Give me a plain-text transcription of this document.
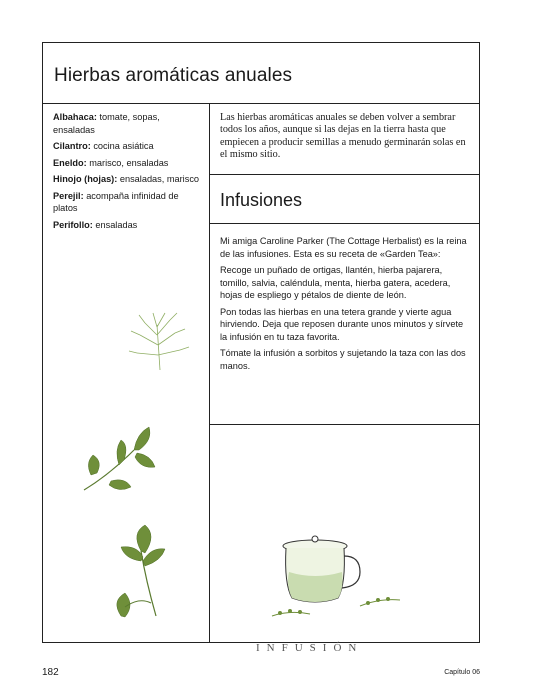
Hierbas aromáticas anuales

Albahaca: tomate, sopas, ensaladas

Cilantro: cocina asiática

Eneldo: marisco, ensaladas

Hinojo (hojas): ensaladas, marisco

Perejil: acompaña infinidad de platos

Perifollo: ensaladas

Las hierbas aromáticas anuales se deben volver a sembrar todos los años, aunque si las dejas en la tierra hasta que empiecen a producir semillas a menudo germinarán solas en el mismo sitio.
Infusiones

Mi amiga Caroline Parker (The Cottage Herbalist) es la reina de las infusiones. Esta es su receta de «Garden Tea»:

Recoge un puñado de ortigas, llantén, hierba pajarera, tomillo, salvia, caléndula, menta, hierba gatera, acedera, hojas de espliego y pétalos de diente de león.

Pon todas las hierbas en una tetera grande y vierte agua hirviendo. Deja que reposen durante unos minutos y sírvete la infusión en tu taza favorita.

Tómate la infusión a sorbitos y sujetando la taza con las dos manos.

INFUSIÓN
182	Capítulo 06
